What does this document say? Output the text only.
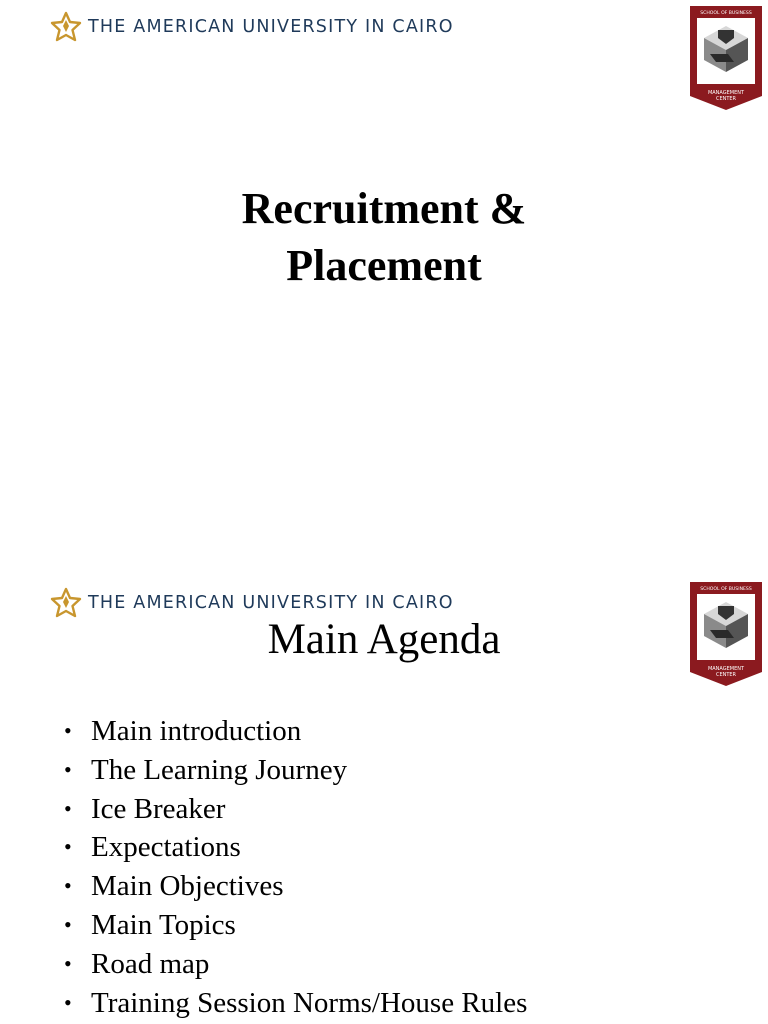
THE AMERICAN UNIVERSITY IN CAIRO
SCHOOL OF BUSINESS
MANAGEMENT
CENTER
Recruitment &
Placement
THE AMERICAN UNIVERSITY IN CAIRO
SCHOOL OF BUSINESS
MANAGEMENT
CENTER
Main Agenda
• Main introduction
• The Learning Journey
• Ice Breaker
• Expectations
• Main Objectives
• Main Topics
• Road map
• Training Session Norms/House Rules
